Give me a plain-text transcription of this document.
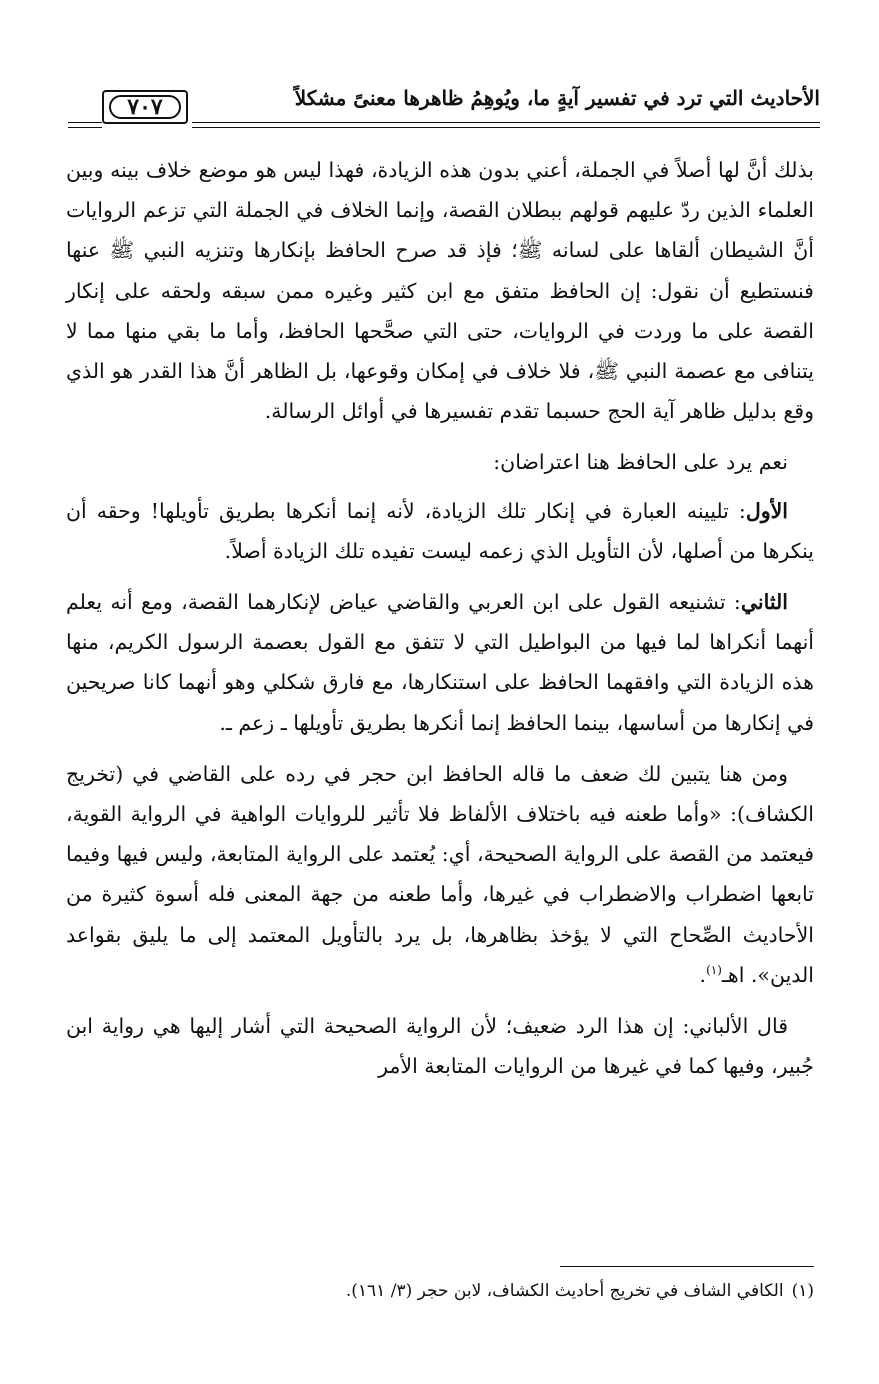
الأحاديث التي ترد في تفسير آيةٍ ما، ويُوهِمُ ظاهرها معنىً مشكلاً
٧٠٧

بذلك أنَّ لها أصلاً في الجملة، أعني بدون هذه الزيادة، فهذا ليس هو موضع خلاف بينه وبين العلماء الذين ردّ عليهم قولهم ببطلان القصة، وإنما الخلاف في الجملة التي تزعم الروايات أنَّ الشيطان ألقاها على لسانه ﷺ؛ فإذ قد صرح الحافظ بإنكارها وتنزيه النبي ﷺ عنها فنستطيع أن نقول: إن الحافظ متفق مع ابن كثير وغيره ممن سبقه ولحقه على إنكار القصة على ما وردت في الروايات، حتى التي صحَّحها الحافظ، وأما ما بقي منها مما لا يتنافى مع عصمة النبي ﷺ، فلا خلاف في إمكان وقوعها، بل الظاهر أنَّ هذا القدر هو الذي وقع بدليل ظاهر آية الحج حسبما تقدم تفسيرها في أوائل الرسالة.

نعم يرد على الحافظ هنا اعتراضان:

الأول: تليينه العبارة في إنكار تلك الزيادة، لأنه إنما أنكرها بطريق تأويلها! وحقه أن ينكرها من أصلها، لأن التأويل الذي زعمه ليست تفيده تلك الزيادة أصلاً.

الثاني: تشنيعه القول على ابن العربي والقاضي عياض لإنكارهما القصة، ومع أنه يعلم أنهما أنكراها لما فيها من البواطيل التي لا تتفق مع القول بعصمة الرسول الكريم، منها هذه الزيادة التي وافقهما الحافظ على استنكارها، مع فارق شكلي وهو أنهما كانا صريحين في إنكارها من أساسها، بينما الحافظ إنما أنكرها بطريق تأويلها ـ زعم ـ.

ومن هنا يتبين لك ضعف ما قاله الحافظ ابن حجر في رده على القاضي في (تخريج الكشاف): «وأما طعنه فيه باختلاف الألفاظ فلا تأثير للروايات الواهية في الرواية القوية، فيعتمد من القصة على الرواية الصحيحة، أي: يُعتمد على الرواية المتابعة، وليس فيها وفيما تابعها اضطراب والاضطراب في غيرها، وأما طعنه من جهة المعنى فله أسوة كثيرة من الأحاديث الصِّحاح التي لا يؤخذ بظاهرها، بل يرد بالتأويل المعتمد إلى ما يليق بقواعد الدين». اهـ$^{(١)}$.

قال الألباني: إن هذا الرد ضعيف؛ لأن الرواية الصحيحة التي أشار إليها هي رواية ابن جُبير، وفيها كما في غيرها من الروايات المتابعة الأمر

(١)الكافي الشاف في تخريج أحاديث الكشاف، لابن حجر (٣/ ١٦١).
